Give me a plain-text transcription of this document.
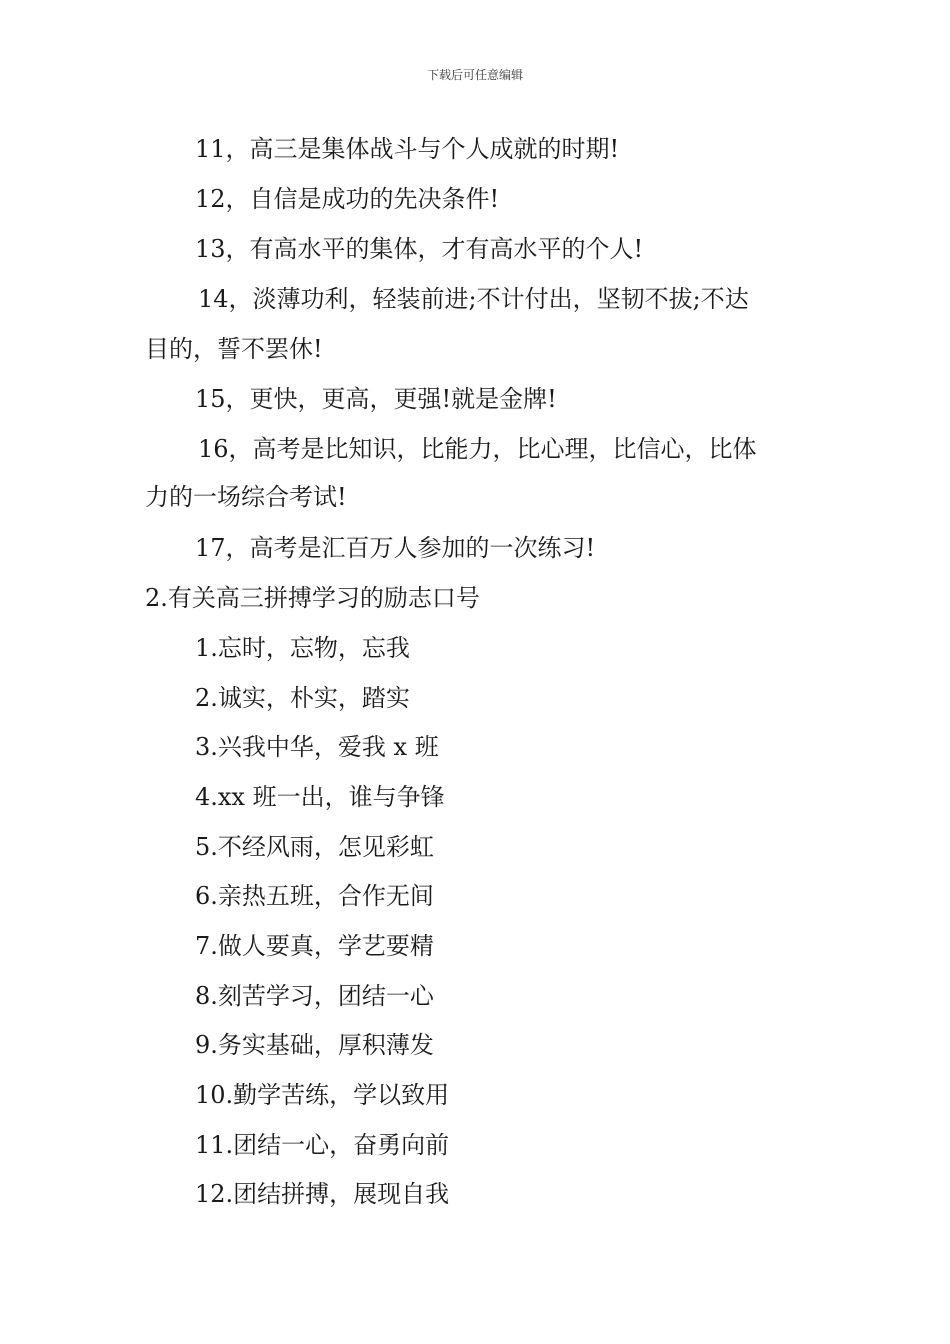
下载后可任意编辑
11，高三是集体战斗与个人成就的时期!
12，自信是成功的先决条件!
13，有高水平的集体，才有高水平的个人!
14，淡薄功利，轻装前进;不计付出，坚韧不拔;不达
目的，誓不罢休!
15，更快，更高，更强!就是金牌!
16，高考是比知识，比能力，比心理，比信心，比体
力的一场综合考试!
17，高考是汇百万人参加的一次练习!
2.有关高三拼搏学习的励志口号
1.忘时，忘物，忘我
2.诚实，朴实，踏实
3.兴我中华，爱我 x 班
4.xx 班一出，谁与争锋
5.不经风雨，怎见彩虹
6.亲热五班，合作无间
7.做人要真，学艺要精
8.刻苦学习，团结一心
9.务实基础，厚积薄发
10.勤学苦练，学以致用
11.团结一心，奋勇向前
12.团结拼搏，展现自我
